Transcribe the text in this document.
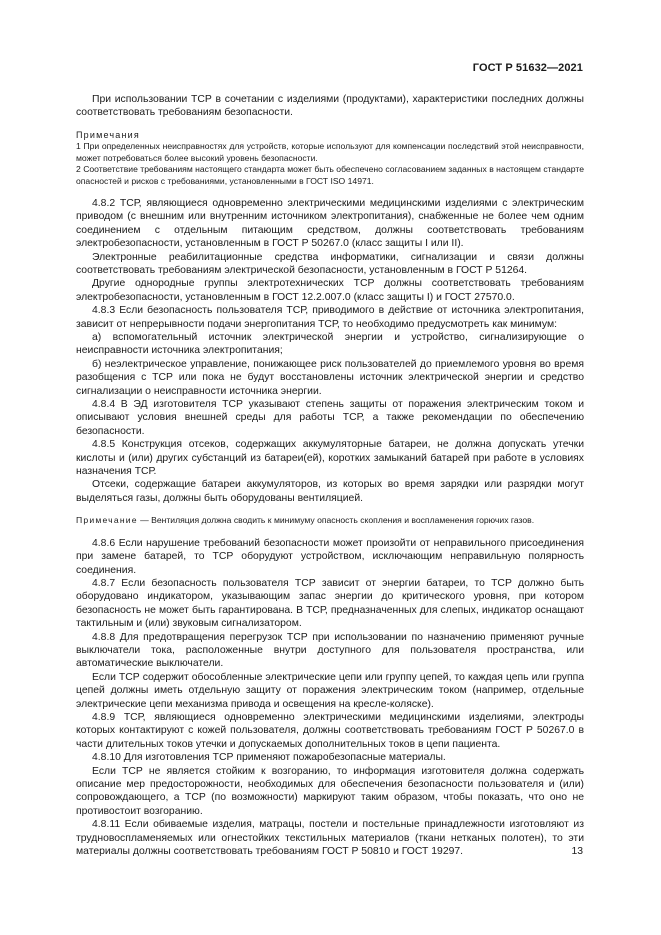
ГОСТ Р 51632—2021

При использовании ТСР в сочетании с изделиями (продуктами), характеристики последних должны соответствовать требованиям безопасности.

Примечания

1 При определенных неисправностях для устройств, которые используют для компенсации последствий этой неисправности, может потребоваться более высокий уровень безопасности.

2 Соответствие требованиям настоящего стандарта может быть обеспечено согласованием заданных в настоящем стандарте опасностей и рисков с требованиями, установленными в ГОСТ ISO 14971.

4.8.2 ТСР, являющиеся одновременно электрическими медицинскими изделиями с электрическим приводом (с внешним или внутренним источником электропитания), снабженные не более чем одним соединением с отдельным питающим средством, должны соответствовать требованиям электробезопасности, установленным в ГОСТ Р 50267.0 (класс защиты I или II).

Электронные реабилитационные средства информатики, сигнализации и связи должны соответствовать требованиям электрической безопасности, установленным в ГОСТ Р 51264.

Другие однородные группы электротехнических ТСР должны соответствовать требованиям электробезопасности, установленным в ГОСТ 12.2.007.0 (класс защиты I) и ГОСТ 27570.0.

4.8.3 Если безопасность пользователя ТСР, приводимого в действие от источника электропитания, зависит от непрерывности подачи энергопитания ТСР, то необходимо предусмотреть как минимум:

а) вспомогательный источник электрической энергии и устройство, сигнализирующие о неисправности источника электропитания;

б) неэлектрическое управление, понижающее риск пользователей до приемлемого уровня во время разобщения с ТСР или пока не будут восстановлены источник электрической энергии и средство сигнализации о неисправности источника энергии.

4.8.4 В ЭД изготовителя ТСР указывают степень защиты от поражения электрическим током и описывают условия внешней среды для работы ТСР, а также рекомендации по обеспечению безопасности.

4.8.5 Конструкция отсеков, содержащих аккумуляторные батареи, не должна допускать утечки кислоты и (или) других субстанций из батареи(ей), коротких замыканий батарей при работе в условиях назначения ТСР.

Отсеки, содержащие батареи аккумуляторов, из которых во время зарядки или разрядки могут выделяться газы, должны быть оборудованы вентиляцией.

Примечание — Вентиляция должна сводить к минимуму опасность скопления и воспламенения горючих газов.

4.8.6 Если нарушение требований безопасности может произойти от неправильного присоединения при замене батарей, то ТСР оборудуют устройством, исключающим неправильную полярность соединения.

4.8.7 Если безопасность пользователя ТСР зависит от энергии батареи, то ТСР должно быть оборудовано индикатором, указывающим запас энергии до критического уровня, при котором безопасность не может быть гарантирована. В ТСР, предназначенных для слепых, индикатор оснащают тактильным и (или) звуковым сигнализатором.

4.8.8 Для предотвращения перегрузок ТСР при использовании по назначению применяют ручные выключатели тока, расположенные внутри доступного для пользователя пространства, или автоматические выключатели.

Если ТСР содержит обособленные электрические цепи или группу цепей, то каждая цепь или группа цепей должны иметь отдельную защиту от поражения электрическим током (например, отдельные электрические цепи механизма привода и освещения на кресле-коляске).

4.8.9 ТСР, являющиеся одновременно электрическими медицинскими изделиями, электроды которых контактируют с кожей пользователя, должны соответствовать требованиям ГОСТ Р 50267.0 в части длительных токов утечки и допускаемых дополнительных токов в цепи пациента.

4.8.10 Для изготовления ТСР применяют пожаробезопасные материалы.

Если ТСР не является стойким к возгоранию, то информация изготовителя должна содержать описание мер предосторожности, необходимых для обеспечения безопасности пользователя и (или) сопровождающего, а ТСР (по возможности) маркируют таким образом, чтобы показать, что оно не противостоит возгоранию.

4.8.11 Если обиваемые изделия, матрацы, постели и постельные принадлежности изготовляют из трудновоспламеняемых или огнестойких текстильных материалов (ткани нетканых полотен), то эти материалы должны соответствовать требованиям ГОСТ Р 50810 и ГОСТ 19297.	13
